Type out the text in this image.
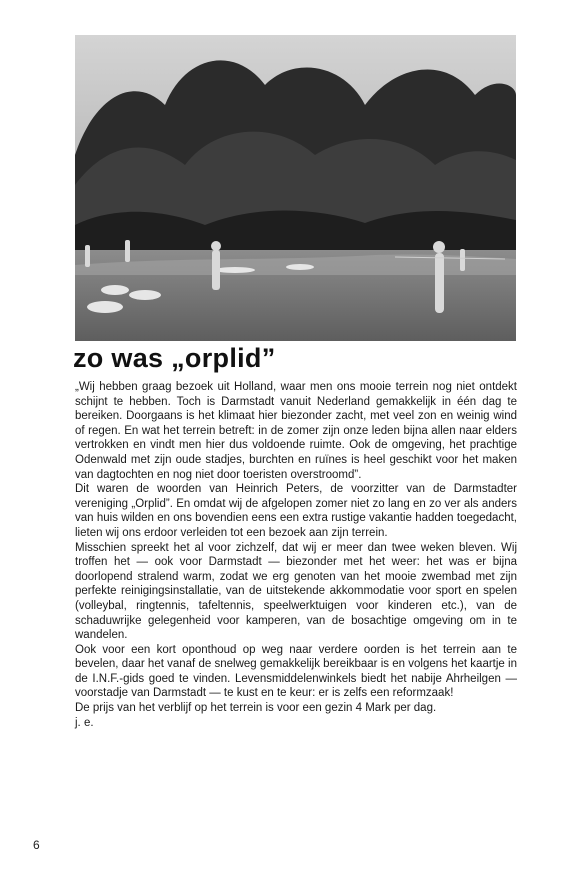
zo was „orplid”

„Wij hebben graag bezoek uit Holland, waar men ons mooie terrein nog niet ontdekt schijnt te hebben. Toch is Darmstadt vanuit Nederland gemakkelijk in één dag te bereiken. Doorgaans is het klimaat hier biezonder zacht, met veel zon en weinig wind of regen. En wat het terrein betreft: in de zomer zijn onze leden bijna allen naar elders vertrokken en vindt men hier dus voldoende ruimte. Ook de omgeving, het prachtige Odenwald met zijn oude stadjes, burchten en ruïnes is heel geschikt voor het maken van dagtochten en nog niet door toeristen overstroomd”.

Dit waren de woorden van Heinrich Peters, de voorzitter van de Darmstadter vereniging „Orplid”. En omdat wij de afgelopen zomer niet zo lang en zo ver als anders van huis wilden en ons bovendien eens een extra rustige vakantie hadden toegedacht, lieten wij ons erdoor verleiden tot een bezoek aan zijn terrein.

Misschien spreekt het al voor zichzelf, dat wij er meer dan twee weken bleven. Wij troffen het — ook voor Darmstadt — biezonder met het weer: het was er bijna doorlopend stralend warm, zodat we erg genoten van het mooie zwembad met zijn perfekte reinigingsinstallatie, van de uitstekende akkommodatie voor sport en spelen (volleybal, ringtennis, tafeltennis, speelwerktuigen voor kinderen etc.), van de schaduwrijke gelegenheid voor kamperen, van de bosachtige omgeving om in te wandelen.

Ook voor een kort oponthoud op weg naar verdere oorden is het terrein aan te bevelen, daar het vanaf de snelweg gemakkelijk bereikbaar is en volgens het kaartje in de I.N.F.-gids goed te vinden. Levensmiddelenwinkels biedt het nabije Ahrheilgen — voorstadje van Darmstadt — te kust en te keur: er is zelfs een reformzaak!

De prijs van het verblijf op het terrein is voor een gezin 4 Mark per dag.

j. e.

6
